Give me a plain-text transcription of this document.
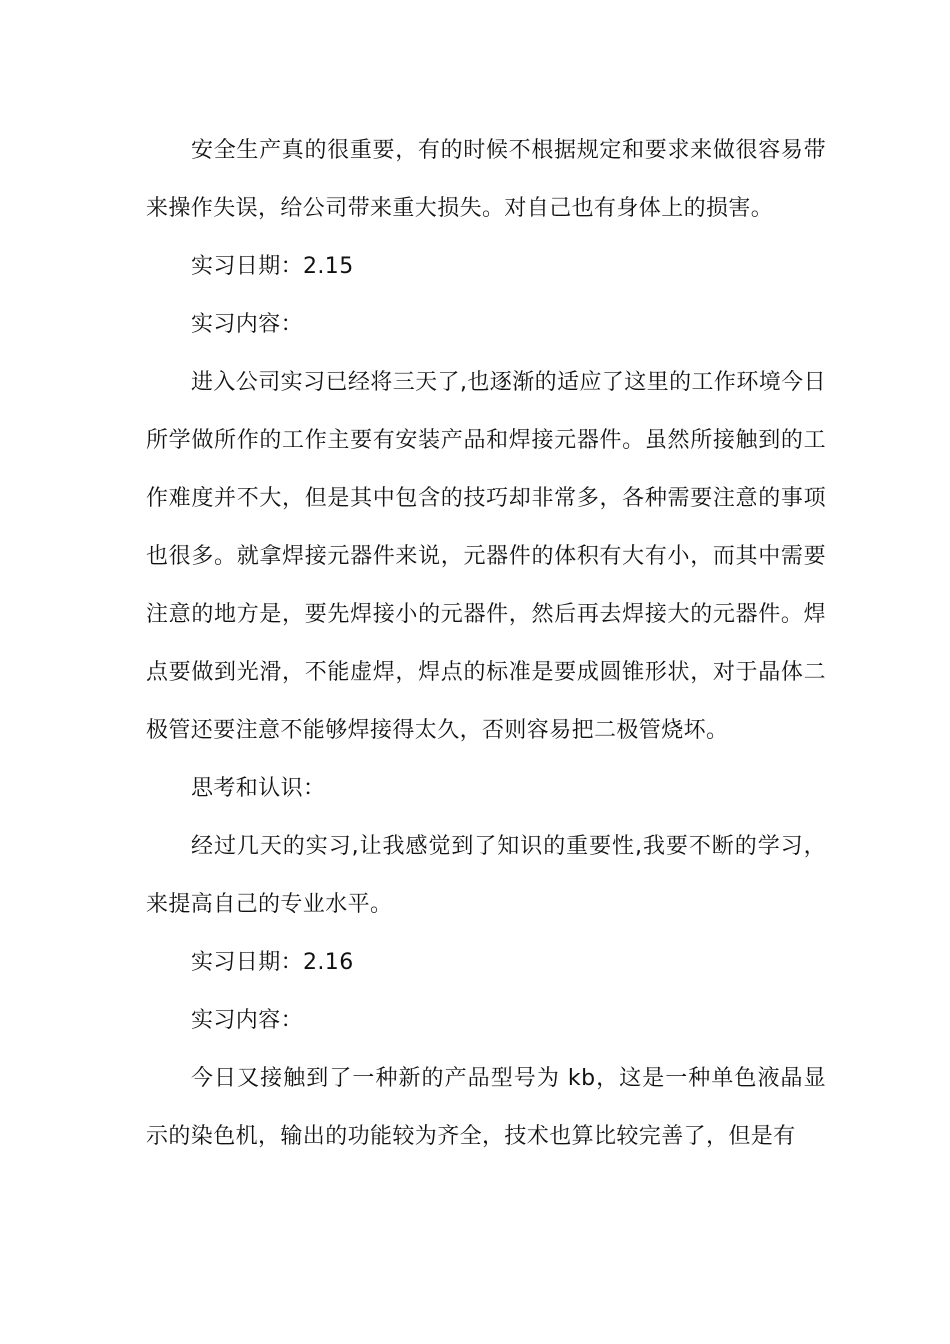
安全生产真的很重要，有的时候不根据规定和要求来做很容易带来操作失误，给公司带来重大损失。对自己也有身体上的损害。

实习日期：2.15

实习内容：

进入公司实习已经将三天了,也逐渐的适应了这里的工作环境今日所学做所作的工作主要有安装产品和焊接元器件。虽然所接触到的工作难度并不大，但是其中包含的技巧却非常多，各种需要注意的事项也很多。就拿焊接元器件来说，元器件的体积有大有小，而其中需要注意的地方是，要先焊接小的元器件，然后再去焊接大的元器件。焊点要做到光滑，不能虚焊，焊点的标准是要成圆锥形状，对于晶体二极管还要注意不能够焊接得太久，否则容易把二极管烧坏。

思考和认识：

经过几天的实习,让我感觉到了知识的重要性,我要不断的学习，来提高自己的专业水平。

实习日期：2.16

实习内容：

今日又接触到了一种新的产品型号为 kb，这是一种单色液晶显示的染色机，输出的功能较为齐全，技术也算比较完善了，但是有
